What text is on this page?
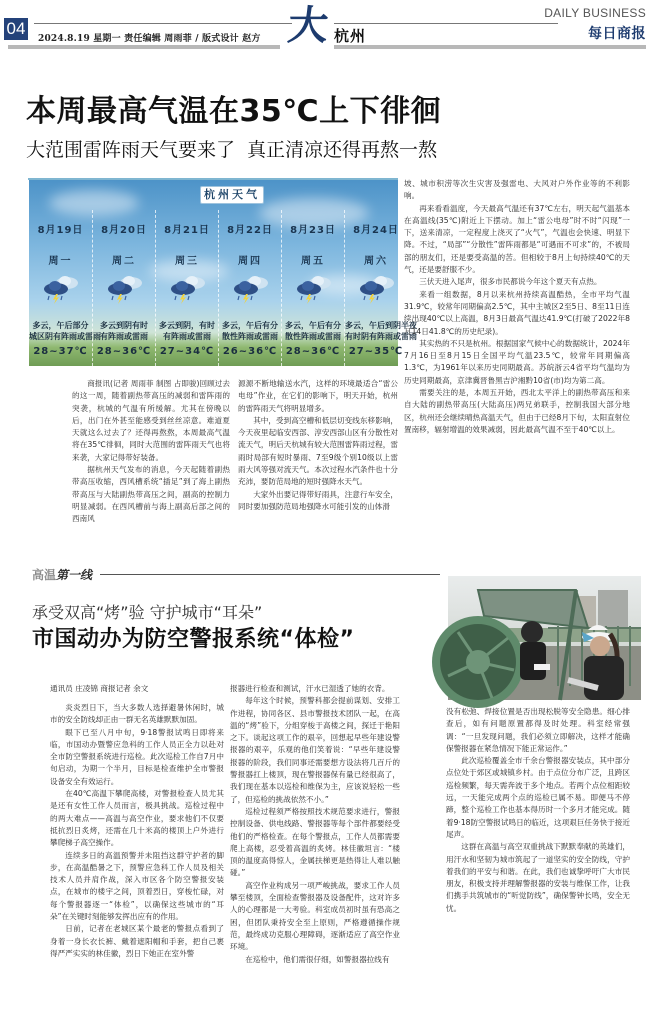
04
2024.8.19 星期一 责任编辑 周雨菲 / 版式设计 赵方 大 杭州
DAILY BUSINESS
每日商报
本周最高气温在35℃上下徘徊
大范围雷阵雨天气要来了 真正清凉还得再熬一熬
杭州天气
8月19日
周一
多云，午后部分
城区阴有阵雨或雷雨
28~37℃
8月20日
周二
多云到阴有时
有阵雨或雷雨
28~36℃
8月21日
周三
多云到阴，有时
有阵雨或雷雨
27~34℃
8月22日
周四
多云，午后有分
散性阵雨或雷雨
26~36℃
8月23日
周五
多云，午后有分
散性阵雨或雷雨
28~36℃
8月24日
周六
多云，午后到阴半夜
有时阴有阵雨或雷雨
27~35℃

商报讯(记者 周雨菲 制图 占即骏)回顾过去的这一周，随着副热带高压的减弱和雷阵雨的突袭，杭城的气温有所缓解。尤其在傍晚以后，出门在外甚至能感受到丝丝凉意。难道夏天就这么过去了？还得再熬熬，本周最高气温将在35℃徘徊，同时大范围的雷阵雨天气也将来袭，大家记得带好装备。

据杭州天气发布的消息，今天起随着副热带高压收缩，西风槽系统“插足”到了海上副热带高压与大陆副热带高压之间，副高的控制力明显减弱。在西风槽前与海上副高后部之间的西南风

源源不断地输送水汽，这样的环境最适合“雷公电母”作业，在它们的影响下，明天开始，杭州的雷阵雨天气将明显增多。

其中，受到高空槽和低层切变线东移影响，今天夜里起临安西部、淳安西部山区有分散性对流天气，明后天杭城有较大范围雷阵雨过程，雷雨时局部有短时暴雨、7至9级个别10级以上雷雨大风等强对流天气。本次过程水汽条件也十分充沛，要防范局地的短时强降水天气。

大家外出要记得带好雨具，注意行车安全，同时要加强防范局地强降水可能引发的山体滑

坡、城市积涝等次生灾害及强雷电、大风对户外作业等的不利影响。

再来看看温度，今天最高气温还有37℃左右，明天起气温基本在高温线(35℃)附近上下摆动。加上“雷公电母”时不时“闪现”一下，送来清凉，一定程度上浇灭了“火气”，气温也会快速、明显下降。不过，“局部”“分散性”雷阵雨都是“可遇而不可求”的，不被局部的朋友们，还是要受高温的苦。但相较于8月上旬持续40℃的天气，还是要舒服不少。

三伏天进入尾声，很多市民都说今年这个夏天有点热。

来看一组数据，8月以来杭州持续高温酷热，全市平均气温31.9℃，较常年同期偏高2.5℃，其中主城区2至5日、8至11日连续出现40℃以上高温，8月3日最高气温达41.9℃(打破了2022年8月14日41.8℃的历史纪录)。

其实热的不只是杭州。根据国家气候中心的数据统计，2024年7月16日至8月15日全国平均气温23.5℃，较常年同期偏高1.3℃，为1961年以来历史同期最高。苏皖浙云4省平均气温均为历史同期最高，京津冀晋鲁黑吉沪湘黔10省(市)均为第二高。

需要关注的是，本周五开始，西北太平洋上的副热带高压和来自大陆的副热带高压(大陆高压)两兄弟联手，控制我国大部分地区，杭州还会继续晴热高温天气，但由于已经8月下旬，太阳直射位置南移，辐射增温的效果减弱，因此最高气温不至于40℃以上。

高温第一线
承受双高“烤”验 守护城市“耳朵”
市国动办为防空警报系统“体检”
通讯员 庄凌锦 商报记者 余文

炎炎烈日下，当大多数人选择避暑休闲时，城市的安全防线却正由一群无名英雄默默加固。

眼下已至八月中旬，9·18警报试鸣日即将来临，市国动办暨警应急科的工作人员正全力以赴对全市防空警报系统进行巡检。此次巡检工作自7月中旬启动，为期一个半月，目标是检查维护全市警报设备安全有效运行。

在40℃高温下攀爬高楼，对警报检查人员尤其是还有女性工作人员而言，极具挑战。巡检过程中的两大难点——高温与高空作业，要求他们不仅要抵抗烈日炙烤，还需在几十米高的楼顶上户外进行攀爬梯子高空操作。

连续多日的高温预警并未阻挡这群守护者的脚步，在高温酷暑之下，预警应急科工作人员及相关技术人员并肩作战，深入市区各个防空警报安装点，在城市的楼宇之间，顶着烈日，穿梭忙碌，对每个警报器逐一“体检”，以确保这些城市的“耳朵”在关键时刻能够发挥出应有的作用。

日前，记者在老城区某个最老的警报点看到了身着一身长衣长裤、戴着遮阳帽和手套，把自己裹得严严实实的林佳徽，烈日下她正在室外警

报器进行检查和测试，汗水已湿透了她的衣背。

每年这个时候，预警科都会提前谋划、安排工作进程，协同各区、县市警报技术团队一起，在高温的“烤”验下，分组穿梭于高楼之间，探迁于艳阳之下。谈起这项工作的艰辛，回想起早些年建设警报器的艰辛，乐观的他们笑着说：“早些年建设警报器的阶段，我们同事还需要想方设法将几百斤的警报器扛上楼顶，现在警报器保有量已经很高了，我们现在基本以巡检和维保为主，应该说轻松一些了，但巡检的挑战依然不小。”

巡检过程须严格按照技术规范要求进行，警报控制设备、供电线路、警报器等每个部件都要经受他们的严格检查。在每个警报点，工作人员都需要爬上高楼，忍受着高温的炙烤。林佳徽坦言：“楼顶的温度高得惊人，金属扶梯更是热得让人难以触碰。”

高空作业构成另一项严峻挑战，要求工作人员攀至楼顶，全面检查警报器及设备配件，这对许多人的心理都是一大考验。科室成员初时虽有恐高之困，但团队秉持安全至上原则，严格遵循操作规范，最终成功克服心理障碍，逐渐适应了高空作业环境。

在巡检中，他们需很仔细，如警报器拉线有

没有松弛、焊接位置是否出现松脱等安全隐患。细心排查后，如有问题原置都得及时处理。科室经常强调：“一旦发现问题，我们必须立即解决，这样才能确保警报器在紧急情况下能正常运作。”

此次巡检覆盖全市千余台警报器安装点，其中部分点位处于郊区或城镇乡村。由于点位分布广泛，且跨区巡检频繁，每天需奔波于多个地点。若两个点位相距较远，一天能完成两个点的巡检已属不易。即便马不停蹄，整个巡检工作也基本得历时一个多月才能完成。随着9·18防空警报试鸣日的临近，这项艰巨任务快于接近尾声。

这群在高温与高空双重挑战下默默奉献的英雄们，用汗水和坚韧为城市筑起了一道坚实的安全防线，守护着我们的平安与和谐。在此，我们也诚挚呼吁广大市民朋友，积极支持并理解警报器的安装与维保工作，让我们携手共筑城市的“听觉防线”，确保警钟长鸣，安全无忧。
